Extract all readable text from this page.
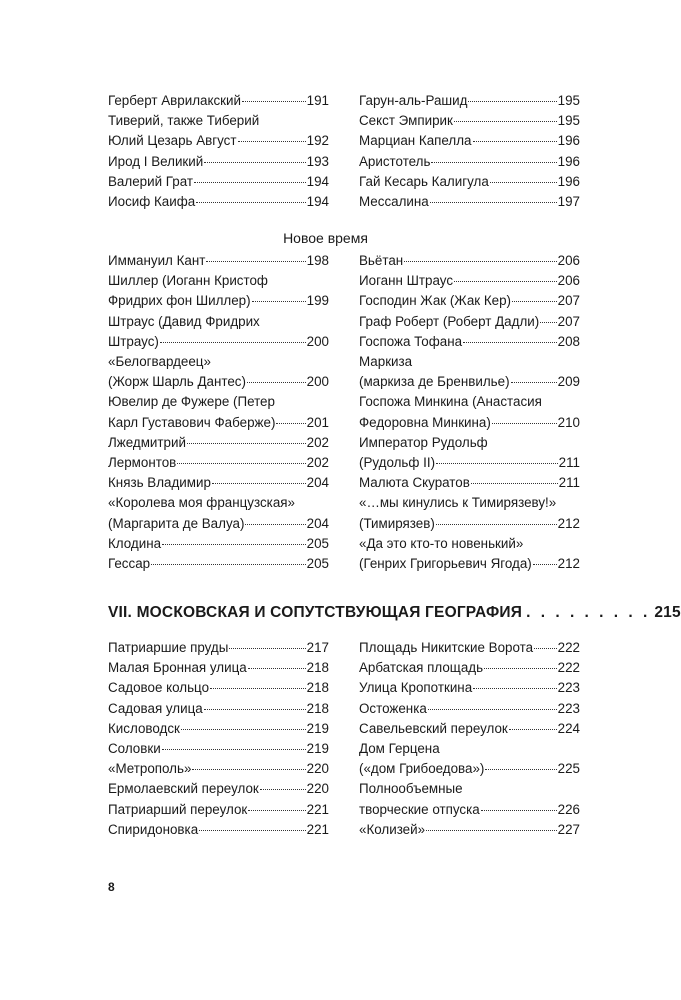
Герберт Аврилакский	191
Тиверий, также Тиберий
Юлий Цезарь Август	192
Ирод I Великий	193
Валерий Грат	194
Иосиф Каифа	194
Гарун-аль-Рашид	195
Секст Эмпирик	195
Марциан Капелла	196
Аристотель	196
Гай Кесарь Калигула	196
Мессалина	197
Новое время
Иммануил Кант	198
Шиллер (Иоганн Кристоф
Фридрих фон Шиллер)	199
Штраус (Давид Фридрих
Штраус)	200
«Белогвардеец»
(Жорж Шарль Дантес)	200
Ювелир де Фужере (Петер
Карл Густавович Фаберже) 201
Лжедмитрий	202
Лермонтов	202
Князь Владимир	204
«Королева моя французская»
(Маргарита де Валуа)	204
Клодина	205
Гессар	205
Вьётан	206
Иоганн Штраус	206
Господин Жак (Жак Кер)	207
Граф Роберт (Роберт Дадли) 207
Госпожа Тофана	208
Маркиза
(маркиза де Бренвилье)	209
Госпожа Минкина (Анастасия
Федоровна Минкина)	210
Император Рудольф
(Рудольф II)	211
Малюта Скуратов	211
«…мы кинулись к Тимирязеву!»
(Тимирязев)	212
«Да это кто-то новенький»
(Генрих Григорьевич Ягода) 212
VII. МОСКОВСКАЯ И СОПУТСТВУЮЩАЯ ГЕОГРАФИЯ . . . . . . . . . 215
Патриаршие пруды	217
Малая Бронная улица	218
Садовое кольцо	218
Садовая улица	218
Кисловодск	219
Соловки	219
«Метрополь»	220
Ермолаевский переулок	220
Патриарший переулок	221
Спиридоновка	221
Площадь Никитские Ворота 222
Арбатская площадь	222
Улица Кропоткина	223
Остоженка	223
Савельевский переулок	224
Дом Герцена
(«дом Грибоедова»)	225
Полнообъемные
творческие отпуска	226
«Колизей»	227
8
